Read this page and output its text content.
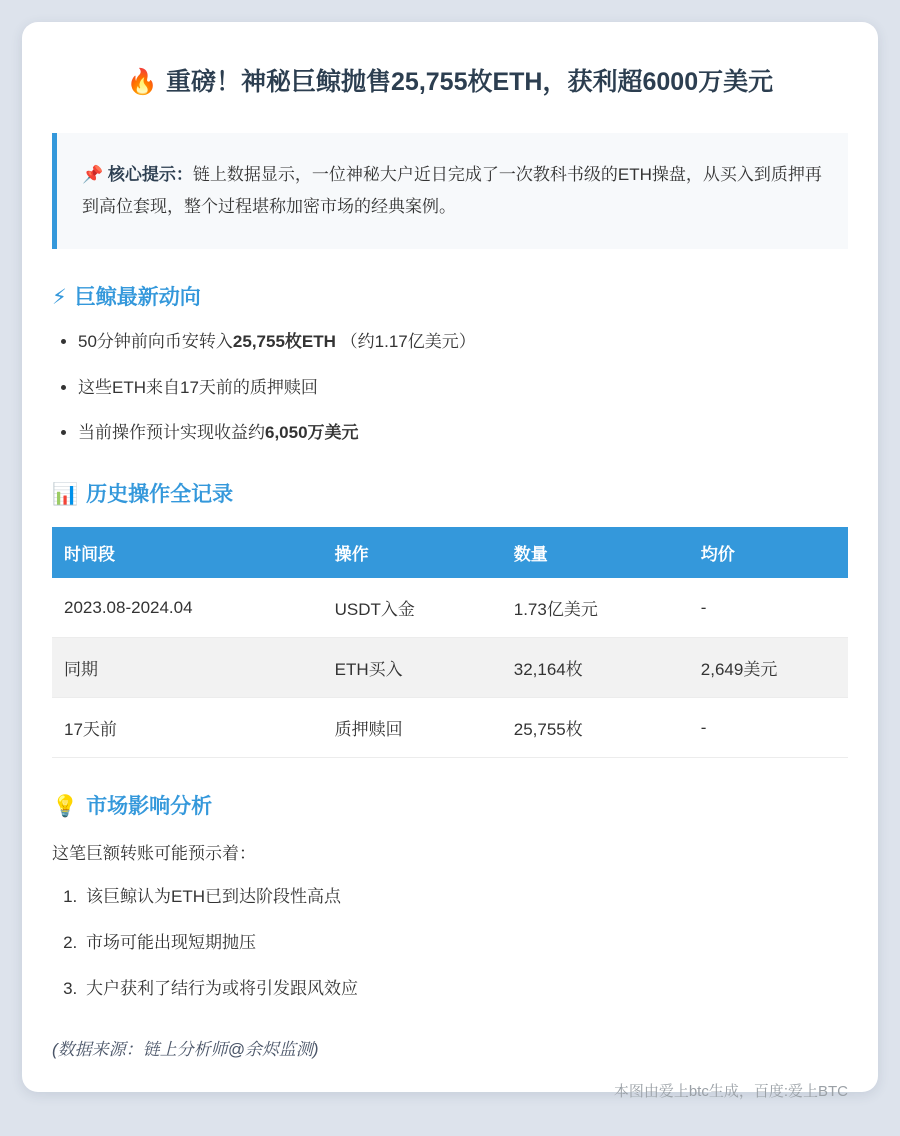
🔥 重磅！神秘巨鲸抛售25,755枚ETH，获利超6000万美元
📌 核心提示：链上数据显示，一位神秘大户近日完成了一次教科书级的ETH操盘，从买入到质押再到高位套现，整个过程堪称加密市场的经典案例。
⚡ 巨鲸最新动向
• 50分钟前向币安转入25,755枚ETH （约1.17亿美元）
• 这些ETH来自17天前的质押赎回
• 当前操作预计实现收益约6,050万美元
📊 历史操作全记录
时间段	操作	数量	均价
2023.08-2024.04	USDT入金	1.73亿美元	-
同期	ETH买入	32,164枚	2,649美元
17天前	质押赎回	25,755枚	-
💡 市场影响分析

这笔巨额转账可能预示着：

1. 该巨鲸认为ETH已到达阶段性高点
2. 市场可能出现短期抛压
3. 大户获利了结行为或将引发跟风效应

(数据来源：链上分析师@余烬监测)

本图由爱上btc生成，百度:爱上BTC
